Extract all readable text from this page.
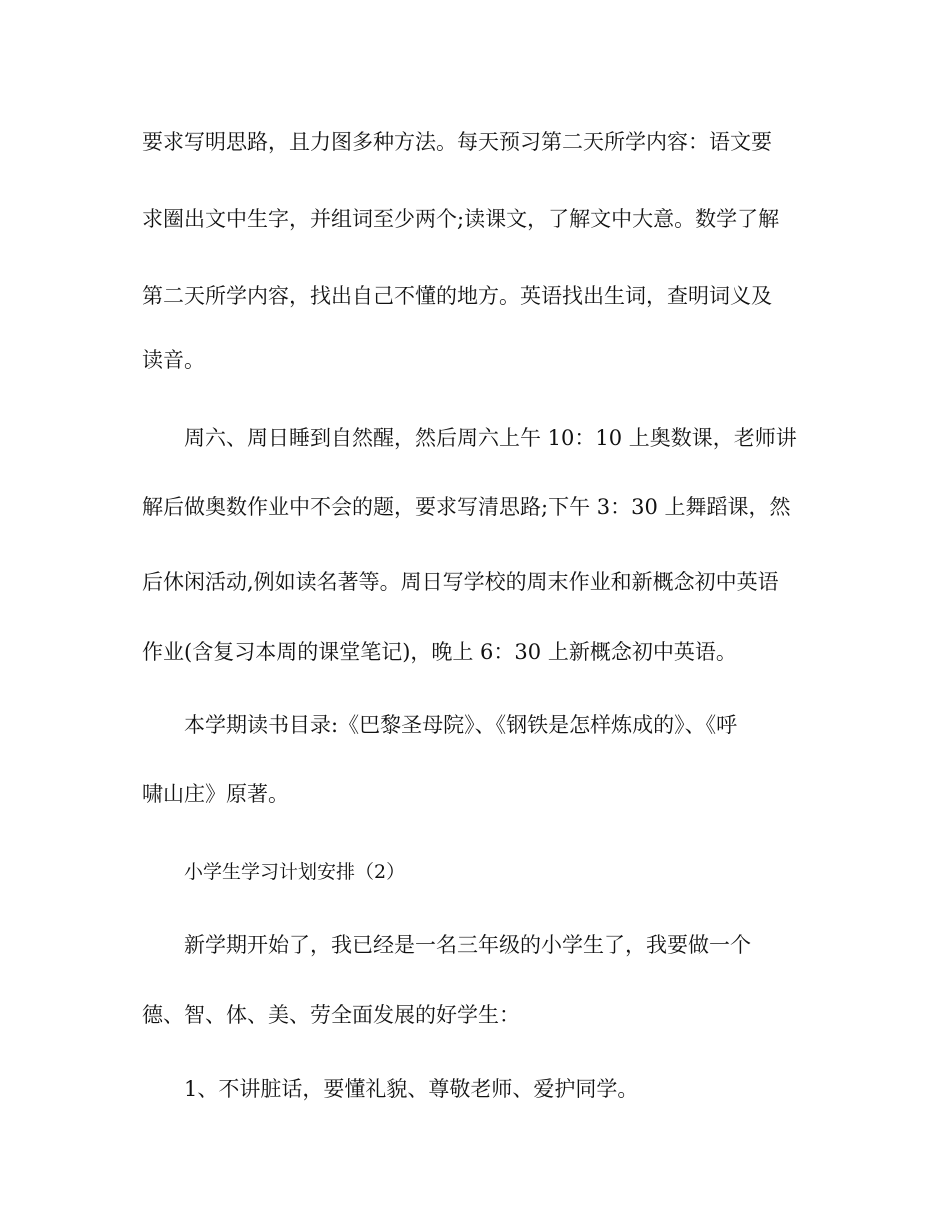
要求写明思路，且力图多种方法。每天预习第二天所学内容：语文要
求圈出文中生字，并组词至少两个;读课文，了解文中大意。数学了解
第二天所学内容，找出自己不懂的地方。英语找出生词，查明词义及
读音。
周六、周日睡到自然醒，然后周六上午 10：10 上奥数课，老师讲
解后做奥数作业中不会的题，要求写清思路;下午 3：30 上舞蹈课，然
后休闲活动,例如读名著等。周日写学校的周末作业和新概念初中英语
作业(含复习本周的课堂笔记)，晚上 6：30 上新概念初中英语。
本学期读书目录:《巴黎圣母院》、《钢铁是怎样炼成的》、《呼
啸山庄》原著。
小学生学习计划安排（2）
新学期开始了，我已经是一名三年级的小学生了，我要做一个
德、智、体、美、劳全面发展的好学生：
1、不讲脏话，要懂礼貌、尊敬老师、爱护同学。
